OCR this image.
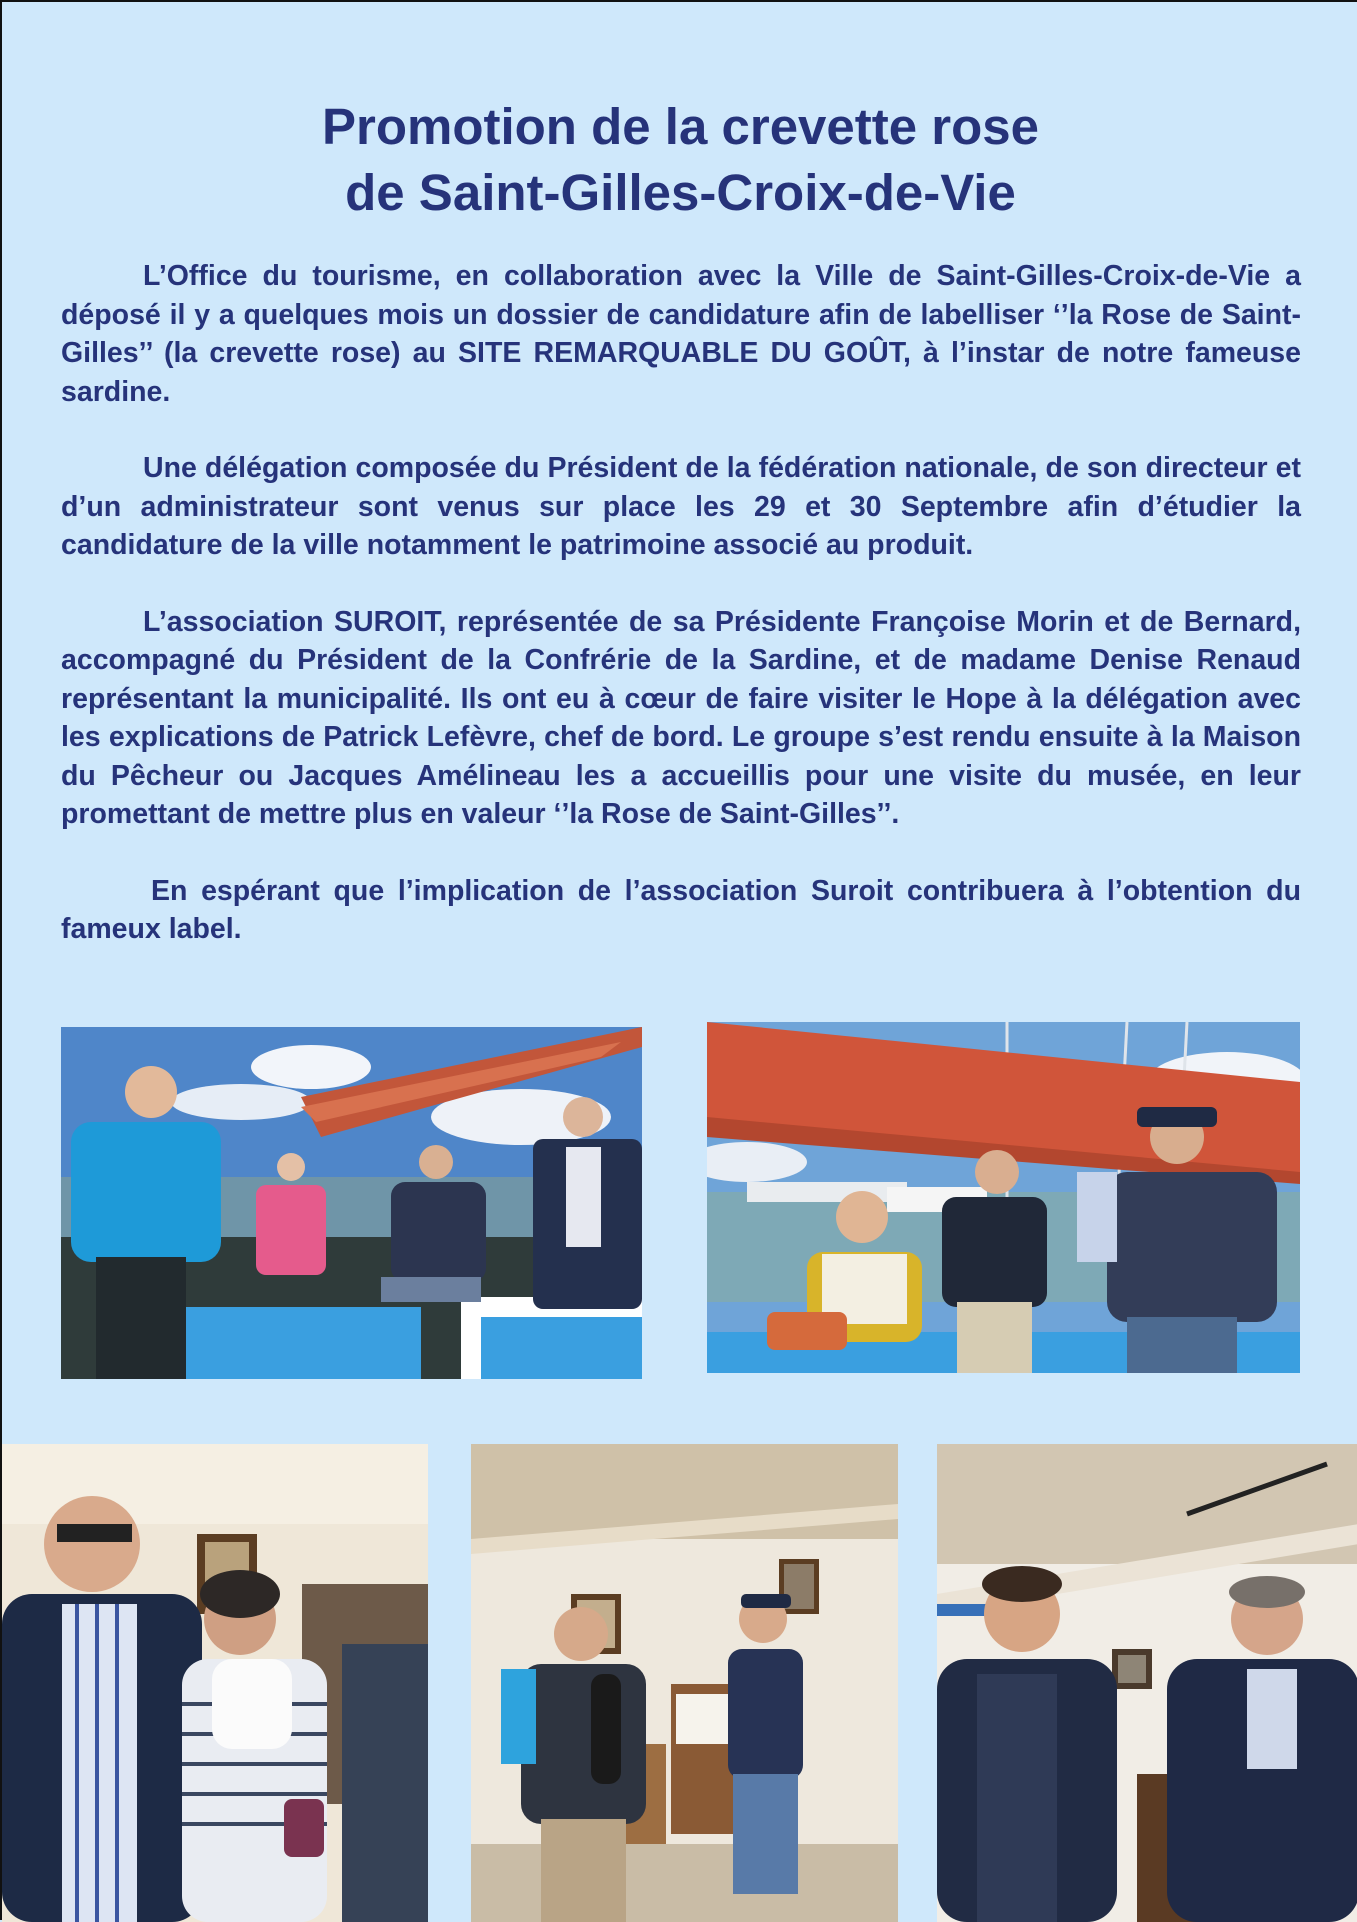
Promotion de la crevette rose
de Saint-Gilles-Croix-de-Vie

L’Office du tourisme, en collaboration avec la Ville de Saint-Gilles-Croix-de-Vie a déposé il y a quelques mois un dossier de candidature afin de labelliser ‘’la Rose de Saint-Gilles’’ (la crevette rose) au SITE REMARQUABLE DU GOÛT, à l’instar de notre fameuse sardine.

Une délégation composée du Président de la fédération nationale, de son directeur et d’un administrateur sont venus sur place les 29 et 30 Septembre afin d’étudier la candidature de la ville notamment le patrimoine associé au produit.

L’association SUROIT, représentée de sa Présidente Françoise Morin et de Bernard, accompagné du Président de la Confrérie de la Sardine, et de madame Denise Renaud représentant la municipalité. Ils ont eu à cœur de faire visiter le Hope à la délégation avec les explications de Patrick Lefèvre, chef de bord. Le groupe s’est rendu ensuite à la Maison du Pêcheur ou Jacques Amélineau les a accueillis pour une visite du musée, en leur promettant de mettre plus en valeur ‘’la Rose de Saint-Gilles’’.

En espérant que l’implication de l’association Suroit contribuera à l’obtention du fameux label.
